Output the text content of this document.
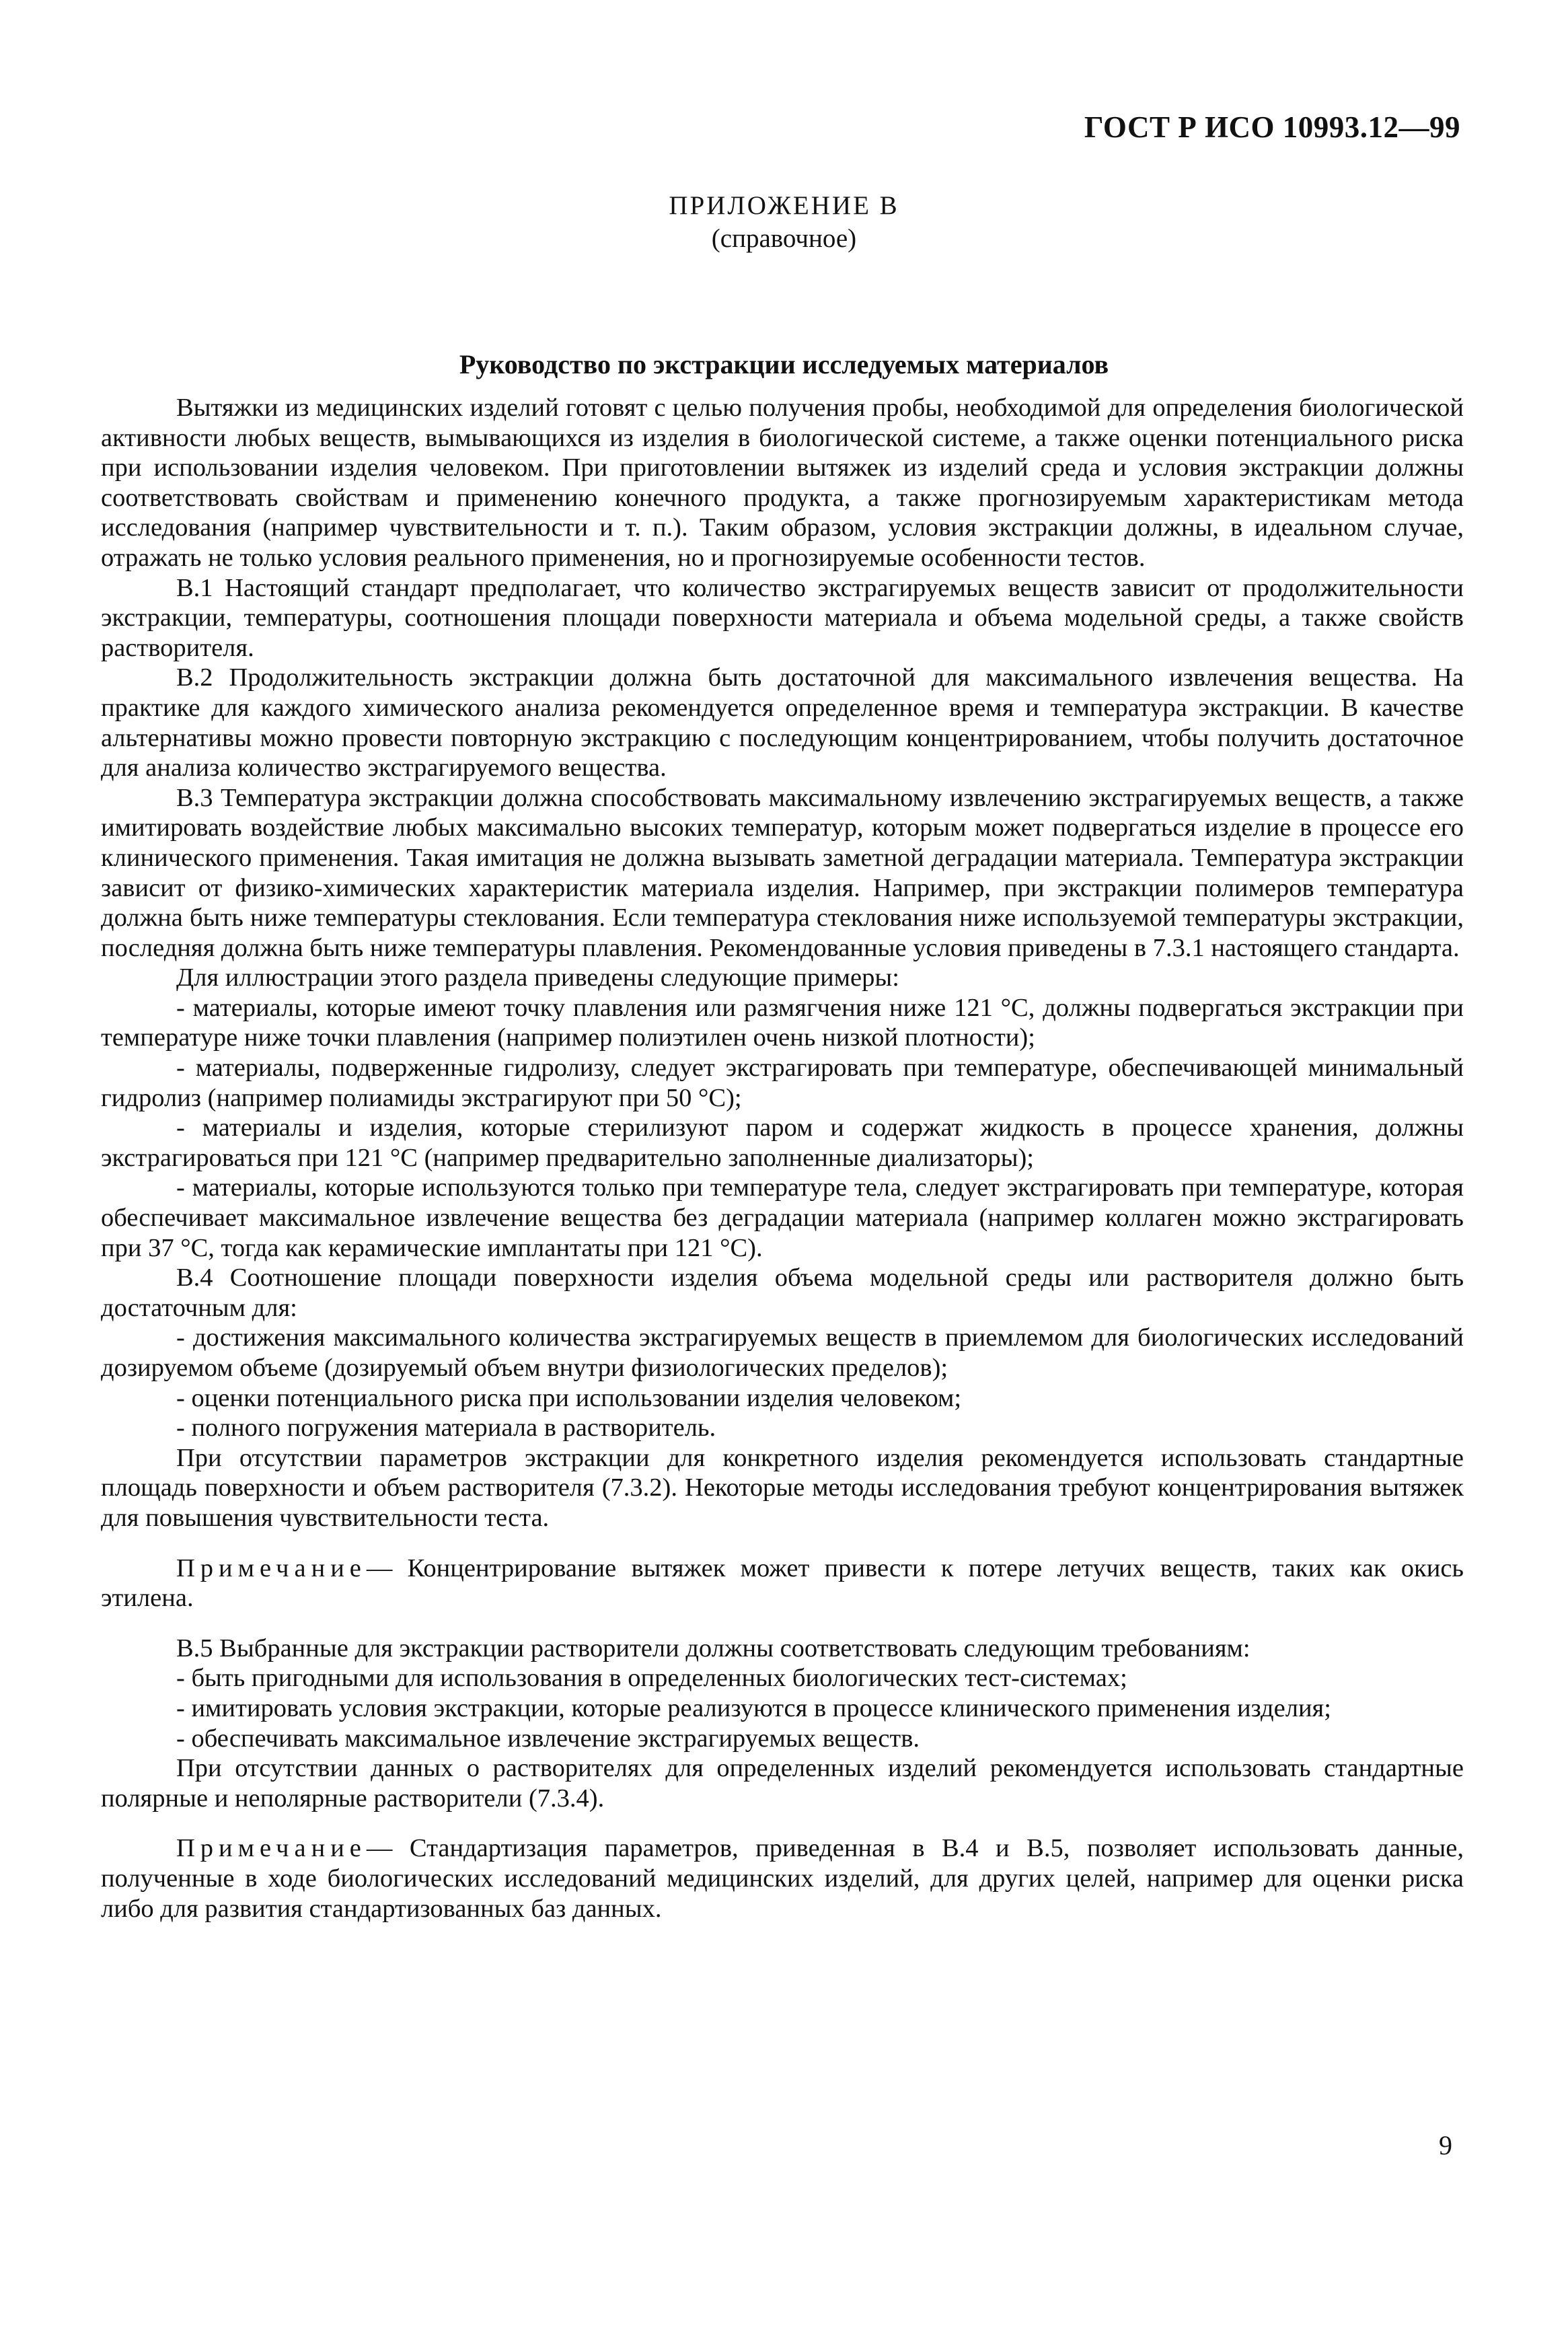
ГОСТ Р ИСО 10993.12—99
ПРИЛОЖЕНИЕ В
(справочное)
Руководство по экстракции исследуемых материалов

Вытяжки из медицинских изделий готовят с целью получения пробы, необходимой для определения биологической активности любых веществ, вымывающихся из изделия в биологической системе, а также оценки потенциального риска при использовании изделия человеком. При приготовлении вытяжек из изделий среда и условия экстракции должны соответствовать свойствам и применению конечного продукта, а также прогнозируемым характеристикам метода исследования (например чувствительности и т. п.). Таким образом, условия экстракции должны, в идеальном случае, отражать не только условия реального применения, но и прогнозируемые особенности тестов.

В.1 Настоящий стандарт предполагает, что количество экстрагируемых веществ зависит от продолжительности экстракции, температуры, соотношения площади поверхности материала и объема модельной среды, а также свойств растворителя.

В.2 Продолжительность экстракции должна быть достаточной для максимального извлечения вещества. На практике для каждого химического анализа рекомендуется определенное время и температура экстракции. В качестве альтернативы можно провести повторную экстракцию с последующим концентрированием, чтобы получить достаточное для анализа количество экстрагируемого вещества.

В.3 Температура экстракции должна способствовать максимальному извлечению экстрагируемых веществ, а также имитировать воздействие любых максимально высоких температур, которым может подвергаться изделие в процессе его клинического применения. Такая имитация не должна вызывать заметной деградации материала. Температура экстракции зависит от физико-химических характеристик материала изделия. Например, при экстракции полимеров температура должна быть ниже температуры стеклования. Если температура стеклования ниже используемой температуры экстракции, последняя должна быть ниже температуры плавления. Рекомендованные условия приведены в 7.3.1 настоящего стандарта.

Для иллюстрации этого раздела приведены следующие примеры:

- материалы, которые имеют точку плавления или размягчения ниже 121 °С, должны подвергаться экстракции при температуре ниже точки плавления (например полиэтилен очень низкой плотности);

- материалы, подверженные гидролизу, следует экстрагировать при температуре, обеспечивающей минимальный гидролиз (например полиамиды экстрагируют при 50 °С);

- материалы и изделия, которые стерилизуют паром и содержат жидкость в процессе хранения, должны экстрагироваться при 121 °С (например предварительно заполненные диализаторы);

- материалы, которые используются только при температуре тела, следует экстрагировать при температуре, которая обеспечивает максимальное извлечение вещества без деградации материала (например коллаген можно экстрагировать при 37 °С, тогда как керамические имплантаты при 121 °С).

В.4 Соотношение площади поверхности изделия объема модельной среды или растворителя должно быть достаточным для:

- достижения максимального количества экстрагируемых веществ в приемлемом для биологических исследований дозируемом объеме (дозируемый объем внутри физиологических пределов);

- оценки потенциального риска при использовании изделия человеком;

- полного погружения материала в растворитель.

При отсутствии параметров экстракции для конкретного изделия рекомендуется использовать стандартные площадь поверхности и объем растворителя (7.3.2). Некоторые методы исследования требуют концентрирования вытяжек для повышения чувствительности теста.

Примечание— Концентрирование вытяжек может привести к потере летучих веществ, таких как окись этилена.

В.5 Выбранные для экстракции растворители должны соответствовать следующим требованиям:

- быть пригодными для использования в определенных биологических тест-системах;

- имитировать условия экстракции, которые реализуются в процессе клинического применения изделия;

- обеспечивать максимальное извлечение экстрагируемых веществ.

При отсутствии данных о растворителях для определенных изделий рекомендуется использовать стандартные полярные и неполярные растворители (7.3.4).

Примечание— Стандартизация параметров, приведенная в В.4 и В.5, позволяет использовать данные, полученные в ходе биологических исследований медицинских изделий, для других целей, например для оценки риска либо для развития стандартизованных баз данных.

9
